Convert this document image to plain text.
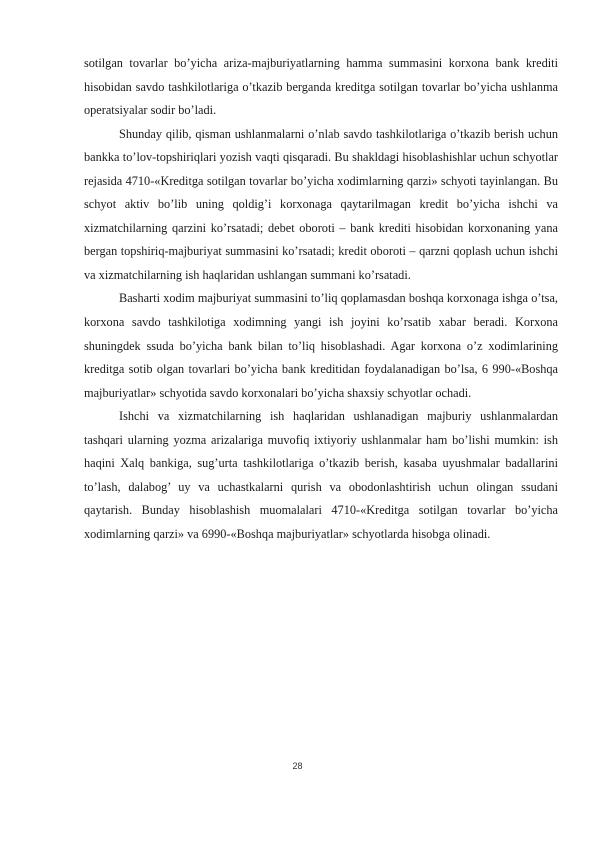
sotilgan tovarlar bo’yicha ariza-majburiyatlarning hamma summasini korxona bank krediti hisobidan savdo tashkilotlariga o’tkazib berganda kreditga sotilgan tovarlar bo’yicha ushlanma operatsiyalar sodir bo’ladi.

Shunday qilib, qisman ushlanmalarni o’nlab savdo tashkilotlariga o’tkazib berish uchun bankka to’lov-topshiriqlari yozish vaqti qisqaradi. Bu shakldagi hisoblashishlar uchun schyotlar rejasida 4710-«Kreditga sotilgan tovarlar bo’yicha xodimlarning qarzi» schyoti tayinlangan. Bu schyot aktiv bo’lib uning qoldig’i korxonaga qaytarilmagan kredit bo’yicha ishchi va xizmatchilarning qarzini ko’rsatadi; debet oboroti – bank krediti hisobidan korxonaning yana bergan topshiriq-majburiyat summasini ko’rsatadi; kredit oboroti – qarzni qoplash uchun ishchi va xizmatchilarning ish haqlaridan ushlangan summani ko’rsatadi.

Basharti xodim majburiyat summasini to’liq qoplamasdan boshqa korxonaga ishga o’tsa, korxona savdo tashkilotiga xodimning yangi ish joyini ko’rsatib xabar beradi. Korxona shuningdek ssuda bo’yicha bank bilan to’liq hisoblashadi. Agar korxona o’z xodimlarining kreditga sotib olgan tovarlari bo’yicha bank kreditidan foydalanadigan bo’lsa, 6 990-«Boshqa majburiyatlar» schyotida savdo korxonalari bo’yicha shaxsiy schyotlar ochadi.

Ishchi va xizmatchilarning ish haqlaridan ushlanadigan majburiy ushlanmalardan tashqari ularning yozma arizalariga muvofiq ixtiyoriy ushlanmalar ham bo’lishi mumkin: ish haqini Xalq bankiga, sug’urta tashkilotlariga o’tkazib berish, kasaba uyushmalar badallarini to’lash, dalabog’ uy va uchastkalarni qurish va obodonlashtirish uchun olingan ssudani qaytarish. Bunday hisoblashish muomalalari 4710-«Kreditga sotilgan tovarlar bo’yicha xodimlarning qarzi» va 6990-«Boshqa majburiyatlar» schyotlarda hisobga olinadi.

28
